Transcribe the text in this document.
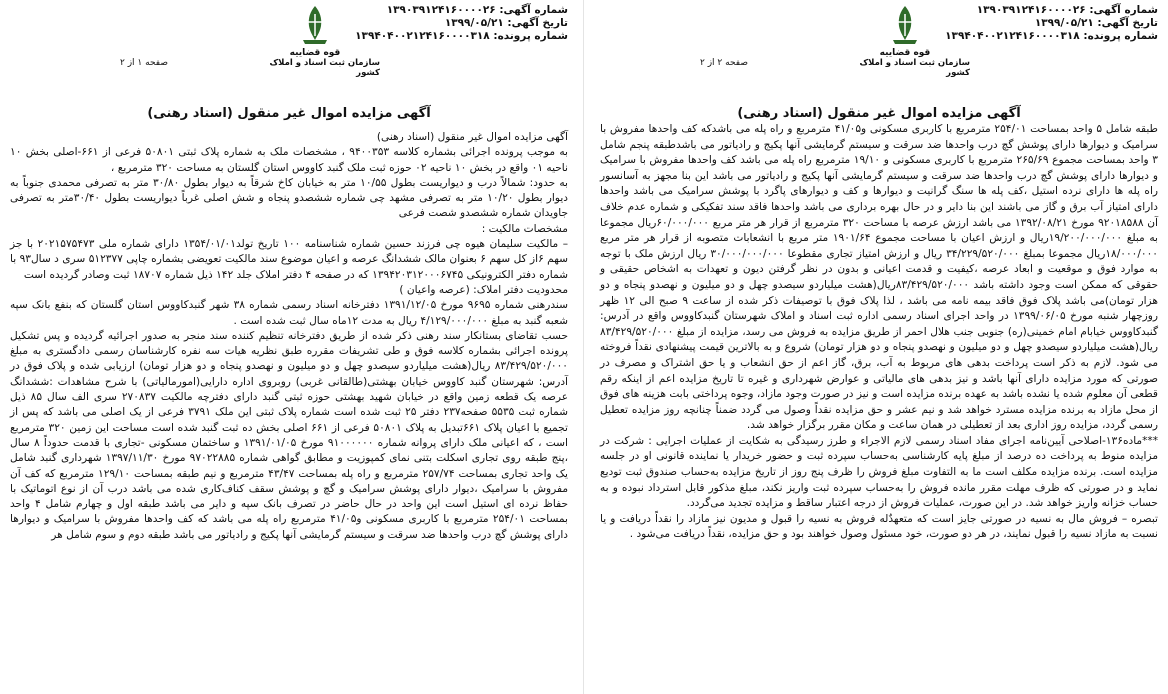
شماره آگهی: ۱۳۹۰۳۹۱۲۴۱۶۰۰۰۰۲۶
تاریخ آگهی: ۱۳۹۹/۰۵/۲۱
شماره پرونده: ۱۳۹۴۰۴۰۰۲۱۲۴۱۶۰۰۰۰۳۱۸
قوه قضاییه
سازمان ثبت اسناد و املاک کشور
صفحه ۱ از ۲
آگهی مزایده اموال غیر منقول (اسناد رهنی)

آگهی مزایده اموال غیر منقول (اسناد رهنی)

به موجب پرونده اجرائی بشماره کلاسه ۹۴۰۰۳۵۳ ، مشخصات ملک به شماره پلاک ثبتی ۵۰۸۰۱ فرعی از ۶۶۱-اصلی بخش ۱۰ ناحیه ۰۱ واقع در بخش ۱۰ ناحیه ۰۲ حوزه ثبت ملک گنبد کاووس استان گلستان به مساحت ۳۲۰ مترمربع ،

به حدود: شمالاً درب و دیواریست بطول ۱۰/۵۵ متر به خیابان کاخ شرقاً به دیوار بطول ۳۰/۸۰ متر به تصرفی محمدی جنوباً به دیوار بطول ۱۰/۲۰ متر به تصرفی مشهد چی شماره ششصدو پنجاه و شش اصلی غرباً دیواریست بطول ۳۰/۴۰متر به تصرفی جاویدان شماره ششصدو شصت فرعی

مشخصات مالکیت :

– مالکیت سلیمان هیوه چی فرزند حسین شماره شناسنامه ۱۰۰ تاریخ تولد۱۳۵۴/۰۱/۰۱ دارای شماره ملی ۲۰۲۱۵۷۵۴۷۳ با جز سهم ۶از کل سهم ۶ بعنوان مالک ششدانگ عرصه و اعیان موضوع سند مالکیت تعویضی بشماره چاپی ۵۱۲۳۷۷ سری د سال۹۳ با شماره دفتر الکترونیکی ۱۳۹۴۲۰۳۱۲۰۰۰۶۷۴۵ که در صفحه ۴ دفتر املاک جلد ۱۴۲ ذیل شماره ۱۸۷۰۷ ثبت وصادر گردیده است

محدودیت دفتر املاک: (عرصه واعیان )

سندرهنی شماره ۹۶۹۵ مورخ ۱۳۹۱/۱۲/۰۵ دفترخانه اسناد رسمی شماره ۳۸ شهر گنبدکاووس استان گلستان که بنفع بانک سپه شعبه گنبد به مبلغ ۴/۱۲۹/۰۰۰/۰۰۰ ریال به مدت ۱۲ماه سال ثبت شده است .

حسب تقاضای بستانکار سند رهنی ذکر شده از طریق دفترخانه تنظیم کننده سند منجر به صدور اجرائیه گردیده و پس تشکیل پرونده اجرائی بشماره کلاسه فوق و طی تشریفات مقرره طبق نظریه هیات سه نفره کارشناسان رسمی دادگستری به مبلغ ۸۳/۴۲۹/۵۲۰/۰۰۰ ریال(هشت میلیاردو سیصدو چهل و دو میلیون و نهصدو پنجاه و دو هزار تومان) ارزیابی شده و پلاک فوق در آدرس: شهرستان گنبد کاووس خیابان بهشتی(طالقانی غربی) روبروی اداره دارایی(امورمالیاتی) با شرح مشاهدات :ششدانگ عرصه یک قطعه زمین واقع در خیابان شهید بهشتی حوزه ثبتی گنبد دارای دفترچه مالکیت ۲۷۰۸۳۷ سری الف سال ۸۵ ذیل شماره ثبت ۵۵۳۵ صفحه۲۳۷ دفتر ۲۵ ثبت شده است شماره پلاک ثبتی این ملک ۳۷۹۱ فرعی از یک اصلی می باشد که پس از تجمیع با اعیان پلاک ۶۶۱تبدیل به پلاک ۵۰۸۰۱ فرعی از ۶۶۱ اصلی بخش ده ثبت گنبد شده است مساحت این زمین ۳۲۰ مترمربع است ، که اعیانی ملک دارای پروانه شماره ۹۱۰۰۰۰۰۰ مورخ ۱۳۹۱/۰۱/۰۵ و ساختمان مسکونی -تجاری با قدمت حدوداً ۸ سال ،پنج طبقه روی تجاری اسکلت بتنی نمای کمپوزیت و مطابق گواهی شماره ۹۷۰۲۲۸۸۵ مورخ ۱۳۹۷/۱۱/۳۰ شهرداری گنبد شامل یک واحد تجاری بمساحت ۲۵۷/۷۴ مترمربع و راه پله بمساحت ۴۳/۴۷ مترمربع و نیم طبقه بمساحت ۱۲۹/۱۰ مترمربع که کف آن مفروش با سرامیک ،دیوار دارای پوشش سرامیک و گچ و پوشش سقف کناف‌کاری شده می باشد درب آن از نوع اتوماتیک با حفاظ نرده ای استیل است این واحد در حال حاضر در تصرف بانک سپه و دایر می باشد طبقه اول و چهارم شامل ۴ واحد بمساحت ۲۵۴/۰۱ مترمربع با کاربری مسکونی و۴۱/۰۵ مترمربع راه پله می باشد که کف واحدها مفروش با سرامیک و دیوارها دارای پوشش گچ درب واحدها ضد سرقت و سیستم گرمایشی آنها پکیج و رادیاتور می باشد طبقه دوم و سوم شامل هر

شماره آگهی: ۱۳۹۰۳۹۱۲۴۱۶۰۰۰۰۲۶
تاریخ آگهی: ۱۳۹۹/۰۵/۲۱
شماره پرونده: ۱۳۹۴۰۴۰۰۲۱۲۴۱۶۰۰۰۰۳۱۸
قوه قضاییه
سازمان ثبت اسناد و املاک کشور
صفحه ۲ از ۲
آگهی مزایده اموال غیر منقول (اسناد رهنی)

طبقه شامل ۵ واحد بمساحت ۲۵۴/۰۱ مترمربع با کاربری مسکونی و۴۱/۰۵ مترمربع و راه پله می باشدکه کف واحدها مفروش با سرامیک و دیوارها دارای پوشش گچ درب واحدها ضد سرقت و سیستم گرمایشی آنها پکیج و رادیاتور می باشدطبقه پنجم شامل ۳ واحد بمساحت مجموع ۲۶۵/۶۹ مترمربع با کاربری مسکونی و ۱۹/۱۰ مترمربع راه پله می باشد کف واحدها مفروش با سرامیک و دیوارها دارای پوشش گچ درب واحدها ضد سرقت و سیستم گرمایشی آنها پکیج و رادیاتور می باشد این بنا مجهز به آسانسور راه پله ها دارای نرده استیل ،کف پله ها سنگ گرانیت و دیوارها و کف و دیوارهای پاگرد با پوشش سرامیک می باشد واحدها دارای امتیاز آب برق و گاز می باشند این بنا دایر و در حال بهره برداری می باشد واحدها فاقد سند تفکیکی و شماره عدم خلاف آن ۹۲۰۱۸۵۸۸ مورخ ۱۳۹۲/۰۸/۲۱ می باشد ارزش عرصه با مساحت ۳۲۰ مترمربع از قرار هر متر مربع ۶۰/۰۰۰/۰۰۰ریال مجموعا به مبلغ ۱۹/۲۰۰/۰۰۰/۰۰۰ریال و ارزش اعیان با مساحت مجموع ۱۹۰۱/۶۴ متر مربع با انشعابات متصوبه از قرار هر متر مربع ۱۸/۰۰۰/۰۰۰ریال مجموعا بمبلغ ۳۴/۲۲۹/۵۲۰/۰۰۰ ریال و ارزش امتیاز تجاری مقطوعا ۳۰/۰۰۰/۰۰۰/۰۰۰ ریال ارزش ملک با توجه به موارد فوق و موقعیت و ابعاد عرصه ،کیفیت و قدمت اعیانی و بدون در نظر گرفتن دیون و تعهدات به اشخاص حقیقی و حقوقی که ممکن است وجود داشته باشد ۸۳/۴۲۹/۵۲۰/۰۰۰ریال(هشت میلیاردو سیصدو چهل و دو میلیون و نهصدو پنجاه و دو هزار تومان)می باشد پلاک فوق فاقد بیمه نامه می باشد ، لذا پلاک فوق با توصیفات ذکر شده از ساعت ۹ صبح الی ۱۲ ظهر روزچهار شنبه مورخ ۱۳۹۹/۰۶/۰۵ در واحد اجرای اسناد رسمی اداره ثبت اسناد و املاک شهرستان گنبدکاووس واقع در آدرس: گنبدکاووس خیابام امام خمینی(ره) جنوبی جنب هلال احمر از طریق مزایده به فروش می رسد، مزایده از مبلغ ۸۳/۴۲۹/۵۲۰/۰۰۰ ریال(هشت میلیاردو سیصدو چهل و دو میلیون و نهصدو پنجاه و دو هزار تومان) شروع و به بالاترین قیمت پیشنهادی نقداً فروخته می شود. لازم به ذکر است پرداخت بدهی های مربوط به آب، برق، گاز اعم از حق انشعاب و یا حق اشتراک و مصرف در صورتی که مورد مزایده دارای آنها باشد و نیز بدهی های مالیاتی و عوارض شهرداری و غیره تا تاریخ مزایده اعم از اینکه رقم قطعی آن معلوم شده یا نشده باشد به عهده برنده مزایده است و نیز در صورت وجود مازاد، وجوه پرداختی بابت هزینه های فوق از محل مازاد به برنده مزایده مسترد خواهد شد و نیم عشر و حق مزایده نقداً وصول می گردد ضمناً چنانچه روز مزایده تعطیل رسمی گردد، مزایده روز اداری بعد از تعطیلی در همان ساعت و مکان مقرر برگزار خواهد شد.

***ماده۱۳۶-اصلاحی آیین‌نامه اجرای مفاد اسناد رسمی لازم الاجراء و طرز رسیدگی به شکایت از عملیات اجرایی : شرکت در مزایده منوط به پرداخت ده درصد از مبلغ پایه کارشناسی به‌حساب سپرده ثبت و حضور خریدار یا نماینده قانونی او در جلسه مزایده است. برنده مزایده مکلف است ما به التفاوت مبلغ فروش را ظرف پنج روز از تاریخ مزایده به‌حساب صندوق ثبت تودیع نماید و در صورتی که ظرف مهلت مقرر مانده فروش را به‌حساب سپرده ثبت واریز نکند، مبلغ مذکور قابل استرداد نبوده و به حساب خزانه واریز خواهد شد. در این صورت، عملیات فروش از درجه اعتبار ساقط و مزایده تجدید می‌گردد.

تبصره – فروش مال به نسیه در صورتی جایز است که متعهدٌله فروش به نسیه را قبول و مدیون نیز مازاد را نقداً دریافت و یا نسبت به مازاد نسیه را قبول نمایند، در هر دو صورت، خود مسئول وصول خواهند بود و حق مزایده، نقداً دریافت می‌شود .
